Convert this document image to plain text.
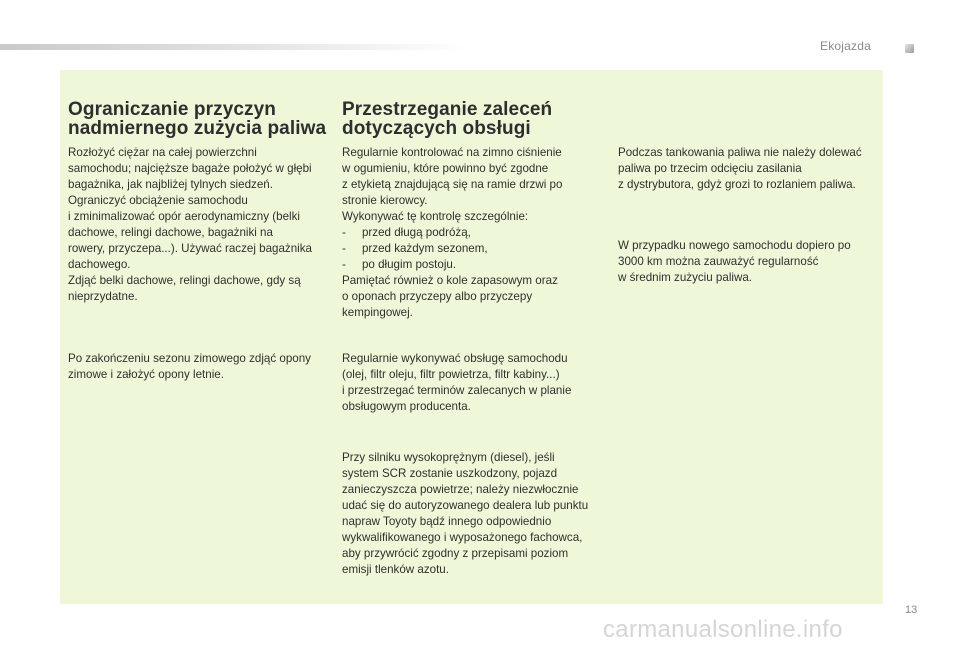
Ekojazda
Ograniczanie przyczyn
nadmiernego zużycia paliwa
Rozłożyć ciężar na całej powierzchni
samochodu; najcięższe bagaże położyć w głębi
bagażnika, jak najbliżej tylnych siedzeń.
Ograniczyć obciążenie samochodu
i zminimalizować opór aerodynamiczny (belki
dachowe, relingi dachowe, bagażniki na
rowery, przyczepa...). Używać raczej bagażnika
dachowego.
Zdjąć belki dachowe, relingi dachowe, gdy są
nieprzydatne.
Po zakończeniu sezonu zimowego zdjąć opony
zimowe i założyć opony letnie.
Przestrzeganie zaleceń
dotyczących obsługi
Regularnie kontrolować na zimno ciśnienie
w ogumieniu, które powinno być zgodne
z etykietą znajdującą się na ramie drzwi po
stronie kierowcy.
Wykonywać tę kontrolę szczególnie:
-     przed długą podróżą,
-     przed każdym sezonem,
-     po długim postoju.
Pamiętać również o kole zapasowym oraz
o oponach przyczepy albo przyczepy
kempingowej.
Regularnie wykonywać obsługę samochodu
(olej, filtr oleju, filtr powietrza, filtr kabiny...)
i przestrzegać terminów zalecanych w planie
obsługowym producenta.
Przy silniku wysokoprężnym (diesel), jeśli
system SCR zostanie uszkodzony, pojazd
zanieczyszcza powietrze; należy niezwłocznie
udać się do autoryzowanego dealera lub punktu
napraw Toyoty bądź innego odpowiednio
wykwalifikowanego i wyposażonego fachowca,
aby przywrócić zgodny z przepisami poziom
emisji tlenków azotu.
Podczas tankowania paliwa nie należy dolewać
paliwa po trzecim odcięciu zasilania
z dystrybutora, gdyż grozi to rozlaniem paliwa.
W przypadku nowego samochodu dopiero po
3000 km można zauważyć regularność
w średnim zużyciu paliwa.
13
carmanualsonline.info
